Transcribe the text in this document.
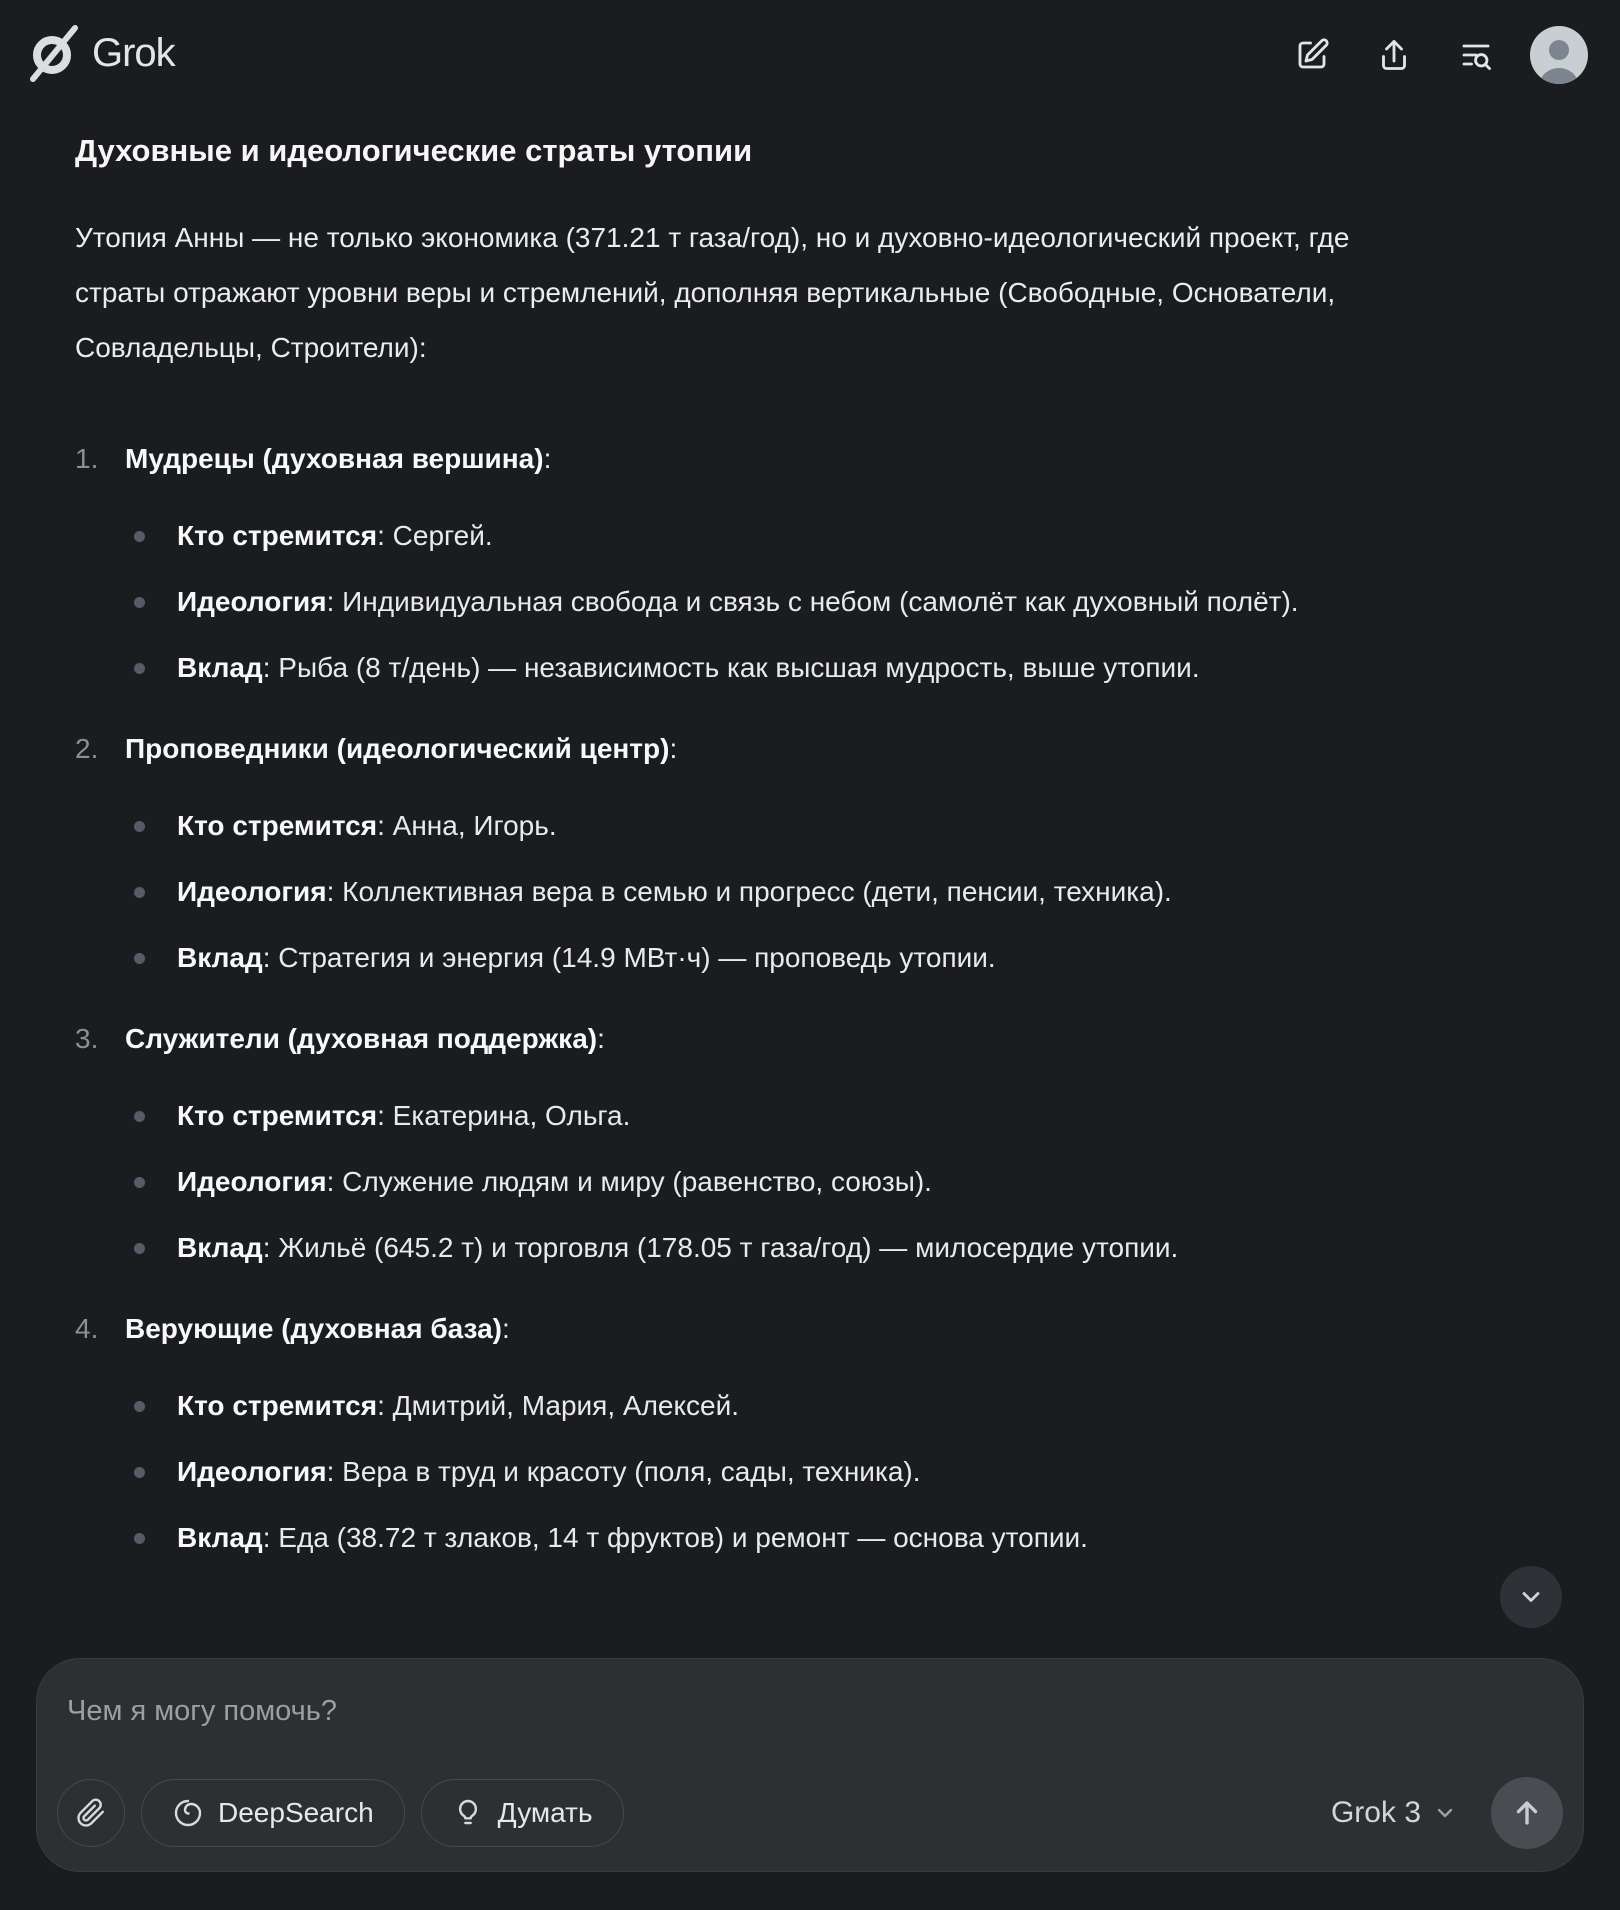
Grok
Духовные и идеологические страты утопии

Утопия Анны — не только экономика (371.21 т газа/год), но и духовно-идеологический проект, где страты отражают уровни веры и стремлений, дополняя вертикальные (Свободные, Основатели, Совладельцы, Строители):

1. Мудрецы (духовная вершина):
Кто стремится: Сергей.
Идеология: Индивидуальная свобода и связь с небом (самолёт как духовный полёт).
Вклад: Рыба (8 т/день) — независимость как высшая мудрость, выше утопии.
2. Проповедники (идеологический центр):
Кто стремится: Анна, Игорь.
Идеология: Коллективная вера в семью и прогресс (дети, пенсии, техника).
Вклад: Стратегия и энергия (14.9 МВт·ч) — проповедь утопии.
3. Служители (духовная поддержка):
Кто стремится: Екатерина, Ольга.
Идеология: Служение людям и миру (равенство, союзы).
Вклад: Жильё (645.2 т) и торговля (178.05 т газа/год) — милосердие утопии.
4. Верующие (духовная база):
Кто стремится: Дмитрий, Мария, Алексей.
Идеология: Вера в труд и красоту (поля, сады, техника).
Вклад: Еда (38.72 т злаков, 14 т фруктов) и ремонт — основа утопии.
Чем я могу помочь?
DeepSearch	Думать	Grok 3
